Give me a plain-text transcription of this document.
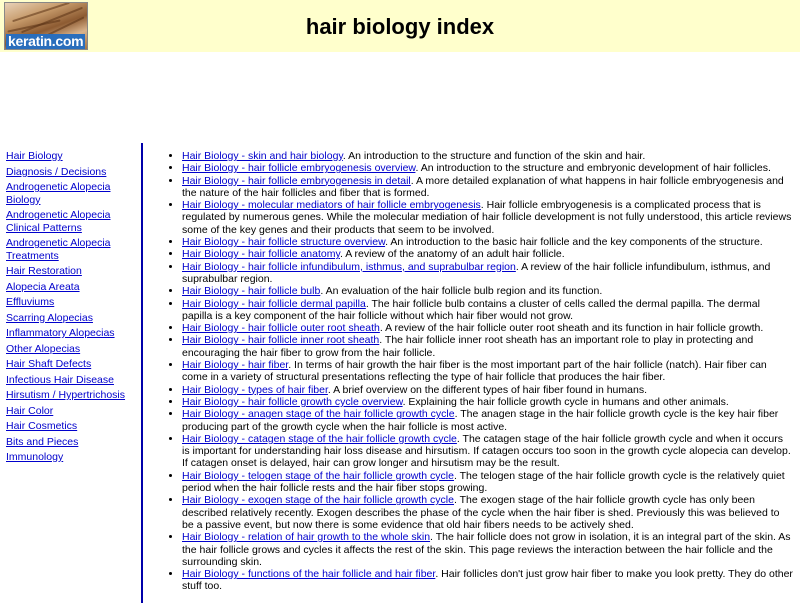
keratin.com
hair biology index
Hair Biology
Diagnosis / Decisions
Androgenetic Alopecia Biology
Androgenetic Alopecia Clinical Patterns
Androgenetic Alopecia Treatments
Hair Restoration
Alopecia Areata
Effluviums
Scarring Alopecias
Inflammatory Alopecias
Other Alopecias
Hair Shaft Defects
Infectious Hair Disease
Hirsutism / Hypertrichosis
Hair Color
Hair Cosmetics
Bits and Pieces
Immunology
• Hair Biology - skin and hair biology. An introduction to the structure and function of the skin and hair.
• Hair Biology - hair follicle embryogenesis overview. An introduction to the structure and embryonic development of hair follicles.
• Hair Biology - hair follicle embryogenesis in detail. A more detailed explanation of what happens in hair follicle embryogenesis and the nature of the hair follicles and fiber that is formed.
• Hair Biology - molecular mediators of hair follicle embryogenesis. Hair follicle embryogenesis is a complicated process that is regulated by numerous genes. While the molecular mediation of hair follicle development is not fully understood, this article reviews some of the key genes and their products that seem to be involved.
• Hair Biology - hair follicle structure overview. An introduction to the basic hair follicle and the key components of the structure.
• Hair Biology - hair follicle anatomy. A review of the anatomy of an adult hair follicle.
• Hair Biology - hair follicle infundibulum, isthmus, and suprabulbar region. A review of the hair follicle infundibulum, isthmus, and suprabulbar region.
• Hair Biology - hair follicle bulb. An evaluation of the hair follicle bulb region and its function.
• Hair Biology - hair follicle dermal papilla. The hair follicle bulb contains a cluster of cells called the dermal papilla. The dermal papilla is a key component of the hair follicle without which hair fiber would not grow.
• Hair Biology - hair follicle outer root sheath. A review of the hair follicle outer root sheath and its function in hair follicle growth.
• Hair Biology - hair follicle inner root sheath. The hair follicle inner root sheath has an important role to play in protecting and encouraging the hair fiber to grow from the hair follicle.
• Hair Biology - hair fiber. In terms of hair growth the hair fiber is the most important part of the hair follicle (natch). Hair fiber can come in a variety of structural presentations reflecting the type of hair follicle that produces the hair fiber.
• Hair Biology - types of hair fiber. A brief overview on the different types of hair fiber found in humans.
• Hair Biology - hair follicle growth cycle overview. Explaining the hair follicle growth cycle in humans and other animals.
• Hair Biology - anagen stage of the hair follicle growth cycle. The anagen stage in the hair follicle growth cycle is the key hair fiber producing part of the growth cycle when the hair follicle is most active.
• Hair Biology - catagen stage of the hair follicle growth cycle. The catagen stage of the hair follicle growth cycle and when it occurs is important for understanding hair loss disease and hirsutism. If catagen occurs too soon in the growth cycle alopecia can develop. If catagen onset is delayed, hair can grow longer and hirsutism may be the result.
• Hair Biology - telogen stage of the hair follicle growth cycle. The telogen stage of the hair follicle growth cycle is the relatively quiet period when the hair follicle rests and the hair fiber stops growing.
• Hair Biology - exogen stage of the hair follicle growth cycle. The exogen stage of the hair follicle growth cycle has only been described relatively recently. Exogen describes the phase of the cycle when the hair fiber is shed. Previously this was believed to be a passive event, but now there is some evidence that old hair fibers needs to be actively shed.
• Hair Biology - relation of hair growth to the whole skin. The hair follicle does not grow in isolation, it is an integral part of the skin. As the hair follicle grows and cycles it affects the rest of the skin. This page reviews the interaction between the hair follicle and the surrounding skin.
• Hair Biology - functions of the hair follicle and hair fiber. Hair follicles don't just grow hair fiber to make you look pretty. They do other stuff too.
